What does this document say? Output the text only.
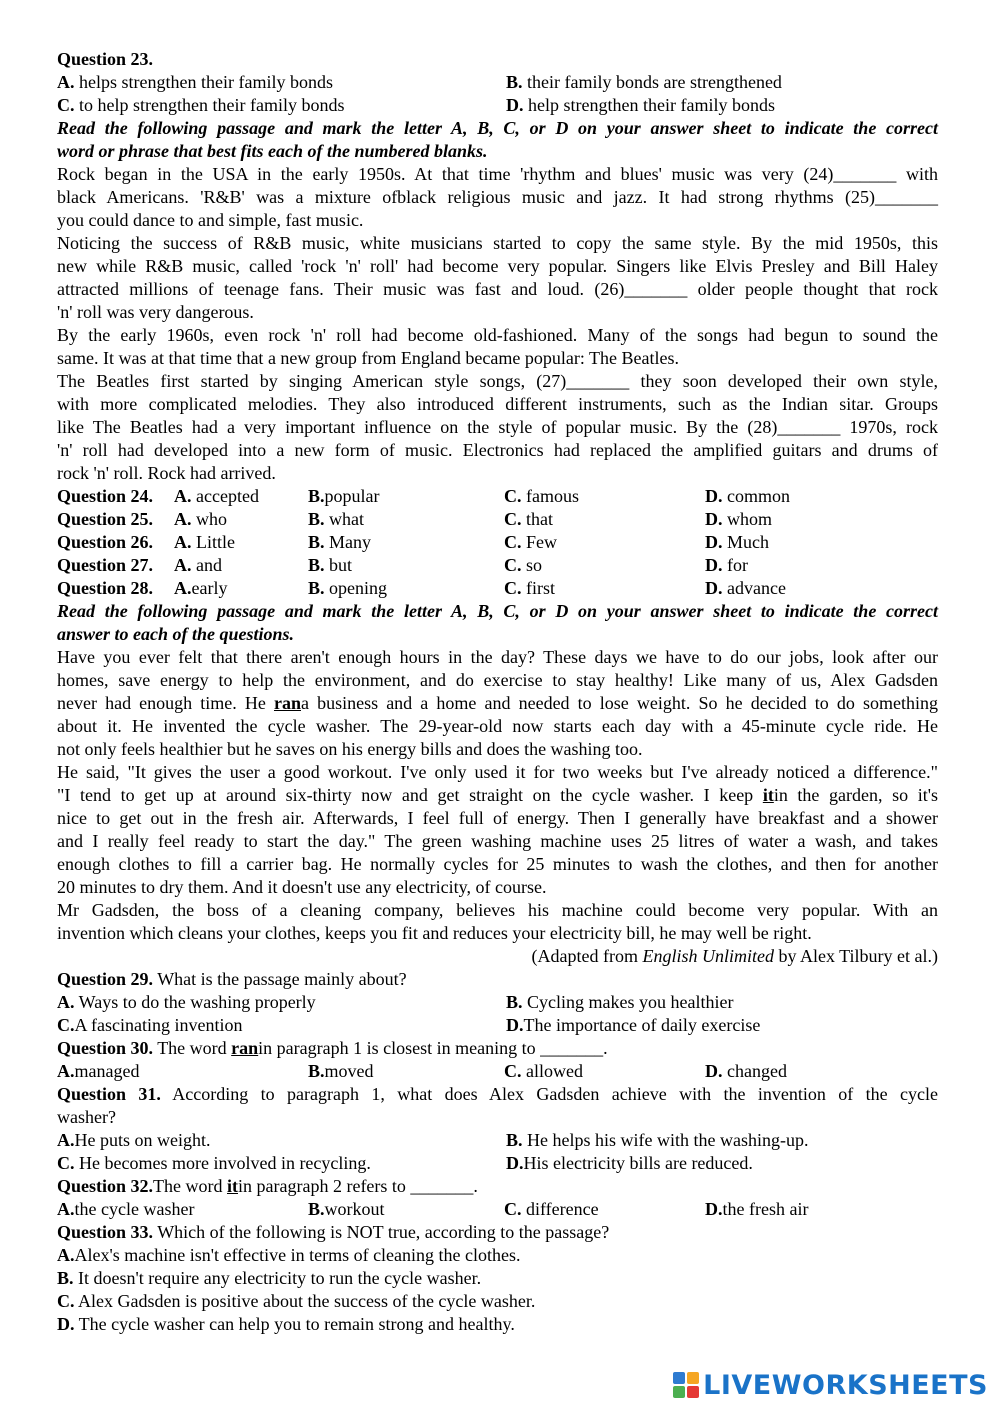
Question 23.
A. helps strengthen their family bonds	B. their family bonds are strengthened
C. to help strengthen their family bonds	D. help strengthen their family bonds
Read the following passage and mark the letter A, B, C, or D on your answer sheet to indicate the correct
word or phrase that best fits each of the numbered blanks.
Rock began in the USA in the early 1950s. At that time 'rhythm and blues' music was very (24)_______ with
black Americans. 'R&B' was a mixture ofblack religious music and jazz. It had strong rhythms (25)_______
you could dance to and simple, fast music.
Noticing the success of R&B music, white musicians started to copy the same style. By the mid 1950s, this
new while R&B music, called 'rock 'n' roll' had become very popular. Singers like Elvis Presley and Bill Haley
attracted millions of teenage fans. Their music was fast and loud. (26)_______ older people thought that rock
'n' roll was very dangerous.
By the early 1960s, even rock 'n' roll had become old-fashioned. Many of the songs had begun to sound the
same. It was at that time that a new group from England became popular: The Beatles.
The Beatles first started by singing American style songs, (27)_______ they soon developed their own style,
with more complicated melodies. They also introduced different instruments, such as the Indian sitar. Groups
like The Beatles had a very important influence on the style of popular music. By the (28)_______ 1970s, rock
'n' roll had developed into a new form of music. Electronics had replaced the amplified guitars and drums of
rock 'n' roll. Rock had arrived.
Question 24. A. accepted	B.popular	C. famous	D. common
Question 25. A. who	B. what	C. that	D. whom
Question 26. A. Little	B. Many	C. Few	D. Much
Question 27. A. and	B. but	C. so	D. for
Question 28. A.early	B. opening	C. first	D. advance
Read the following passage and mark the letter A, B, C, or D on your answer sheet to indicate the correct
answer to each of the questions.
Have you ever felt that there aren't enough hours in the day? These days we have to do our jobs, look after our
homes, save energy to help the environment, and do exercise to stay healthy! Like many of us, Alex Gadsden
never had enough time. He rana business and a home and needed to lose weight. So he decided to do something
about it. He invented the cycle washer. The 29-year-old now starts each day with a 45-minute cycle ride. He
not only feels healthier but he saves on his energy bills and does the washing too.
He said, "It gives the user a good workout. I've only used it for two weeks but I've already noticed a difference."
"I tend to get up at around six-thirty now and get straight on the cycle washer. I keep itin the garden, so it's
nice to get out in the fresh air. Afterwards, I feel full of energy. Then I generally have breakfast and a shower
and I really feel ready to start the day." The green washing machine uses 25 litres of water a wash, and takes
enough clothes to fill a carrier bag. He normally cycles for 25 minutes to wash the clothes, and then for another
20 minutes to dry them. And it doesn't use any electricity, of course.
Mr Gadsden, the boss of a cleaning company, believes his machine could become very popular. With an
invention which cleans your clothes, keeps you fit and reduces your electricity bill, he may well be right.
(Adapted from English Unlimited by Alex Tilbury et al.)
Question 29. What is the passage mainly about?
A. Ways to do the washing properly	B. Cycling makes you healthier
C.A fascinating invention	D.The importance of daily exercise
Question 30. The word ranin paragraph 1 is closest in meaning to _______.
A.managed	B.moved	C. allowed	D. changed
Question 31. According to paragraph 1, what does Alex Gadsden achieve with the invention of the cycle
washer?
A.He puts on weight.	B. He helps his wife with the washing-up.
C. He becomes more involved in recycling.	D.His electricity bills are reduced.
Question 32.The word itin paragraph 2 refers to _______.
A.the cycle washer	B.workout	C. difference	D.the fresh air
Question 33. Which of the following is NOT true, according to the passage?
A.Alex's machine isn't effective in terms of cleaning the clothes.
B. It doesn't require any electricity to run the cycle washer.
C. Alex Gadsden is positive about the success of the cycle washer.
D. The cycle washer can help you to remain strong and healthy.
LIVEWORKSHEETS
